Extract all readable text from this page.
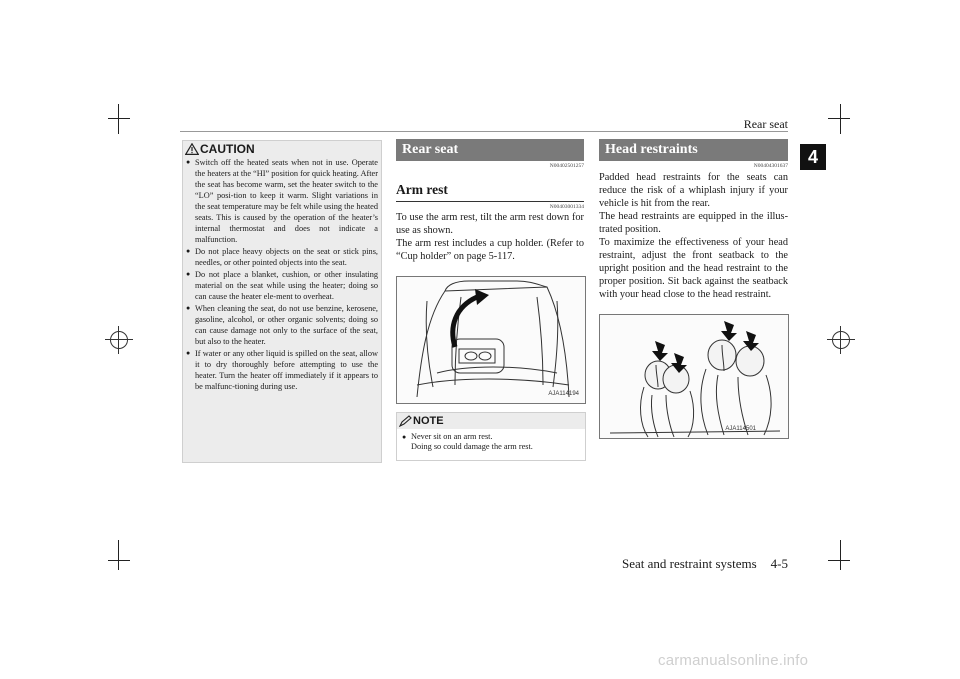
Rear seat
4
CAUTION
● Switch off the heated seats when not in use. Operate the heaters at the “HI” position for quick heating. After the seat has become warm, set the heater switch to the “LO” posi-tion to keep it warm. Slight variations in the seat temperature may be felt while using the heated seats. This is caused by the operation of the heater’s internal thermostat and does not indicate a malfunction.
● Do not place heavy objects on the seat or stick pins, needles, or other pointed objects into the seat.
● Do not place a blanket, cushion, or other insulating material on the seat while using the heater; doing so can cause the heater ele-ment to overheat.
● When cleaning the seat, do not use benzine, kerosene, gasoline, alcohol, or other organic solvents; doing so can cause damage not only to the surface of the seat, but also to the heater.
● If water or any other liquid is spilled on the seat, allow it to dry thoroughly before attempting to use the heater. Turn the heater off immediately if it appears to be malfunc-tioning during use.
Rear seat
N00402501257
Arm rest
N00403001334

To use the arm rest, tilt the arm rest down for use as shown.

The arm rest includes a cup holder. (Refer to “Cup holder” on page 5-117.

AJA114194
NOTE
● Never sit on an arm rest.
Doing so could damage the arm rest.
Head restraints
N00404301637

Padded head restraints for the seats can reduce the risk of a whiplash injury if your vehicle is hit from the rear.

The head restraints are equipped in the illus-trated position.

To maximize the effectiveness of your head restraint, adjust the front seatback to the upright position and the head restraint to the proper position. Sit back against the seatback with your head close to the head restraint.

AJA114501
Seat and restraint systems 4-5
carmanualsonline.info
